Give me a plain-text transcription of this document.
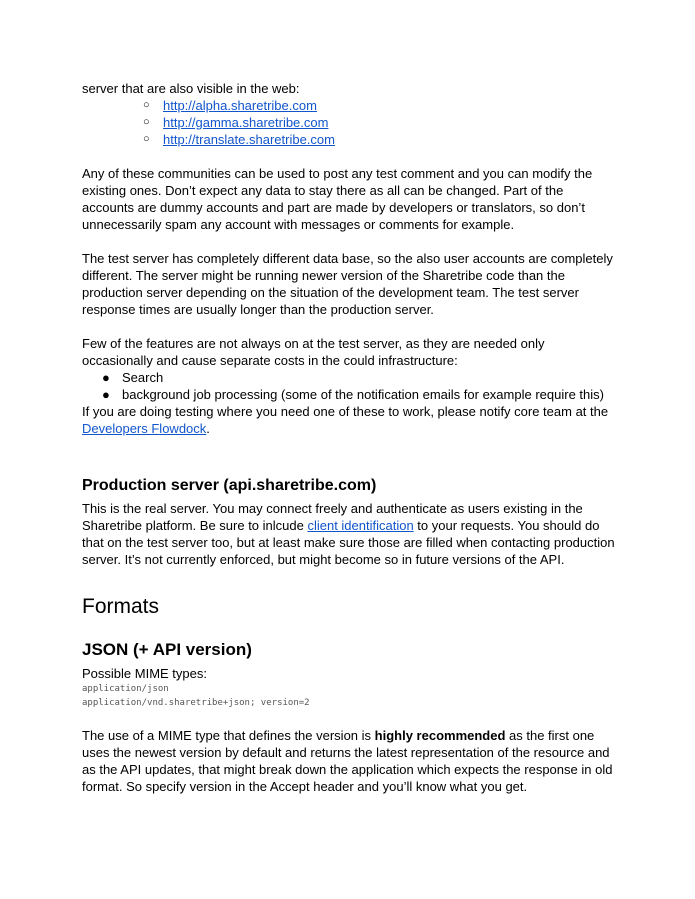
server that are also visible in the web:

○ http://alpha.sharetribe.com
○ http://gamma.sharetribe.com
○ http://translate.sharetribe.com

Any of these communities can be used to post any test comment and you can modify the existing ones. Don’t expect any data to stay there as all can be changed. Part of the accounts are dummy accounts and part are made by developers or translators, so don’t unnecessarily spam any account with messages or comments for example.

The test server has completely different data base, so the also user accounts are completely different. The server might be running newer version of the Sharetribe code than the production server depending on the situation of the development team. The test server response times are usually longer than the production server.

Few of the features are not always on at the test server, as they are needed only occasionally and cause separate costs in the could infrastructure:

● Search
● background job processing (some of the notification emails for example require this)

If you are doing testing where you need one of these to work, please notify core team at the Developers Flowdock.

Production server (api.sharetribe.com)

This is the real server. You may connect freely and authenticate as users existing in the Sharetribe platform. Be sure to inlcude client identification to your requests. You should do that on the test server too, but at least make sure those are filled when contacting production server. It’s not currently enforced, but might become so in future versions of the API.

Formats
JSON (+ API version)

Possible MIME types:

application/json
application/vnd.sharetribe+json; version=2

The use of a MIME type that defines the version is highly recommended as the first one uses the newest version by default and returns the latest representation of the resource and as the API updates, that might break down the application which expects the response in old format. So specify version in the Accept header and you’ll know what you get.
